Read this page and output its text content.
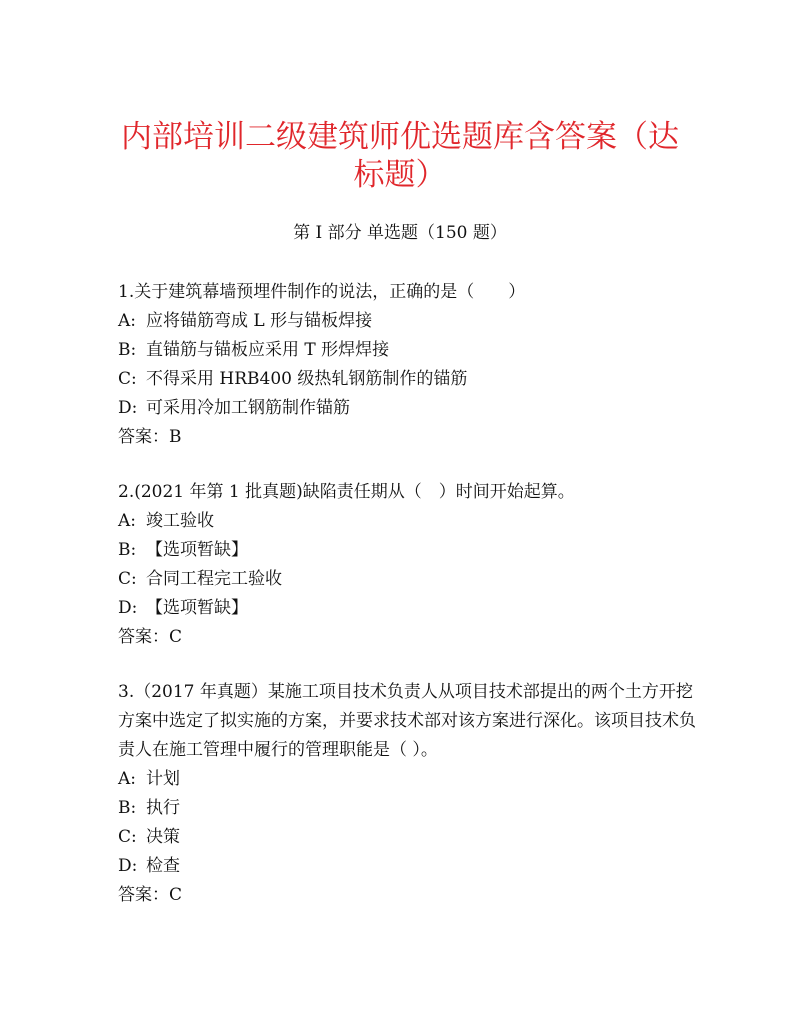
内部培训二级建筑师优选题库含答案（达标题）
第 I 部分 单选题（150 题）

1.关于建筑幕墙预埋件制作的说法，正确的是（　　）

A: 应将锚筋弯成 L 形与锚板焊接

B: 直锚筋与锚板应采用 T 形焊焊接

C: 不得采用 HRB400 级热轧钢筋制作的锚筋

D: 可采用冷加工钢筋制作锚筋

答案：B

2.(2021 年第 1 批真题)缺陷责任期从（　）时间开始起算。

A: 竣工验收

B: 【选项暂缺】

C: 合同工程完工验收

D: 【选项暂缺】

答案：C

3.（2017 年真题）某施工项目技术负责人从项目技术部提出的两个土方开挖方案中选定了拟实施的方案，并要求技术部对该方案进行深化。该项目技术负责人在施工管理中履行的管理职能是（ ）。

A: 计划

B: 执行

C: 决策

D: 检查

答案：C
